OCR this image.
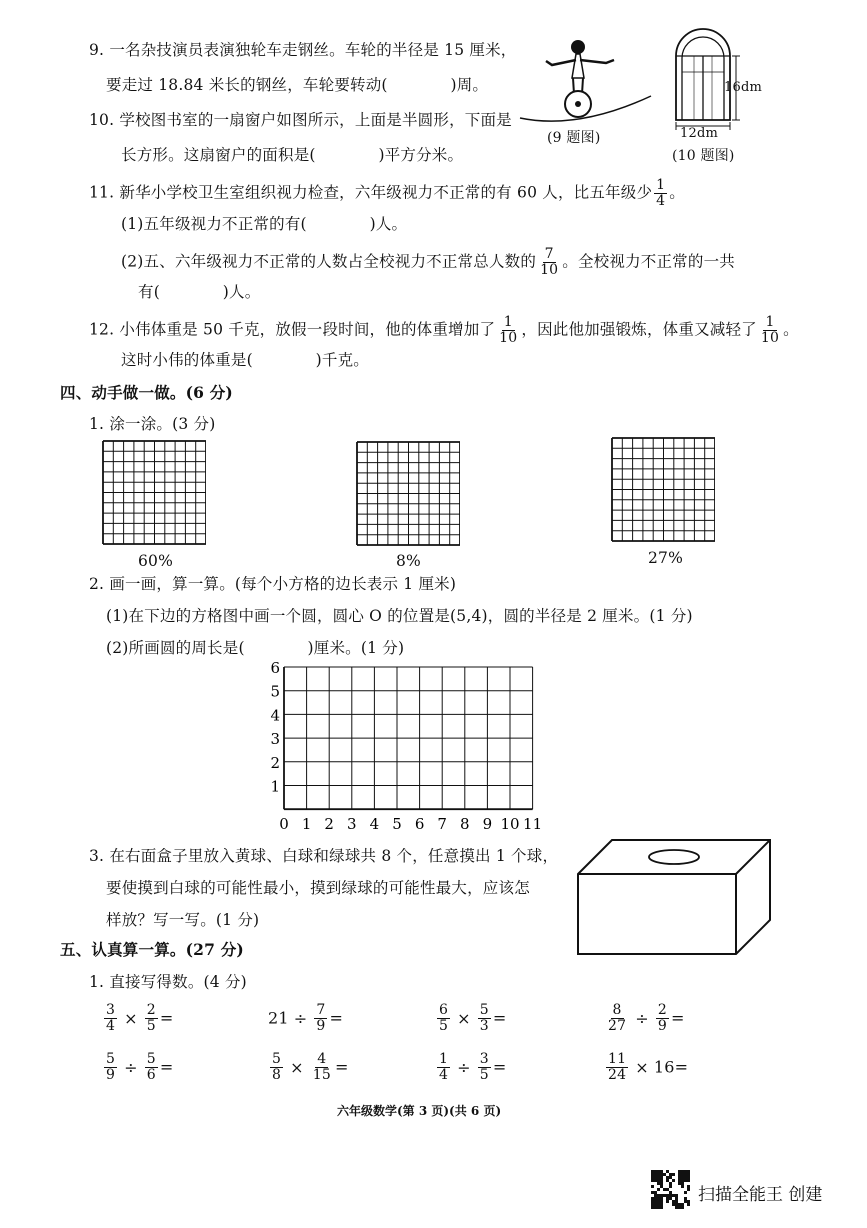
9. 一名杂技演员表演独轮车走钢丝。车轮的半径是 15 厘米，
要走过 18.84 米长的钢丝，车轮要转动(　　　　)周。
(9 题图)
16dm
12dm
(10 题图)
10. 学校图书室的一扇窗户如图所示，上面是半圆形，下面是
长方形。这扇窗户的面积是(　　　　)平方分米。
11. 新华小学校卫生室组织视力检查，六年级视力不正常的有 60 人，比五年级少 $\frac{1}{4}$ 。
(1)五年级视力不正常的有(　　　　)人。
(2)五、六年级视力不正常的人数占全校视力不正常总人数的 $\frac{7}{10}$ 。全校视力不正常的一共
有(　　　　)人。
12. 小伟体重是 50 千克，放假一段时间，他的体重增加了 $\frac{1}{10}$ ，因此他加强锻炼，体重又减轻了 $\frac{1}{10}$ 。
这时小伟的体重是(　　　　)千克。
四、动手做一做。(6 分)
1. 涂一涂。(3 分)
60%	8%	27%
2. 画一画，算一算。(每个小方格的边长表示 1 厘米)
(1)在下边的方格图中画一个圆，圆心 O 的位置是(5,4)，圆的半径是 2 厘米。(1 分)
(2)所画圆的周长是(　　　　)厘米。(1 分)
0 1 2 3 4 5 6 7 8 9 10 11
1
2
3
4
5
6
3. 在右面盒子里放入黄球、白球和绿球共 8 个，任意摸出 1 个球，
要使摸到白球的可能性最小，摸到绿球的可能性最大，应该怎
样放？写一写。(1 分)
五、认真算一算。(27 分)
1. 直接写得数。(4 分)
$\frac{3}{4} \times \frac{2}{5}$ =	$21 \div \frac{7}{9}$ =	$\frac{6}{5} \times \frac{5}{3}$ =	$\frac{8}{27} \div \frac{2}{9}$ =
$\frac{5}{9} \div \frac{5}{6}$ =	$\frac{5}{8} \times \frac{4}{15}$ =	$\frac{1}{4} \div \frac{3}{5}$ =	$\frac{11}{24} \times 16=$
六年级数学(第 3 页)(共 6 页)
扫描全能王 创建
